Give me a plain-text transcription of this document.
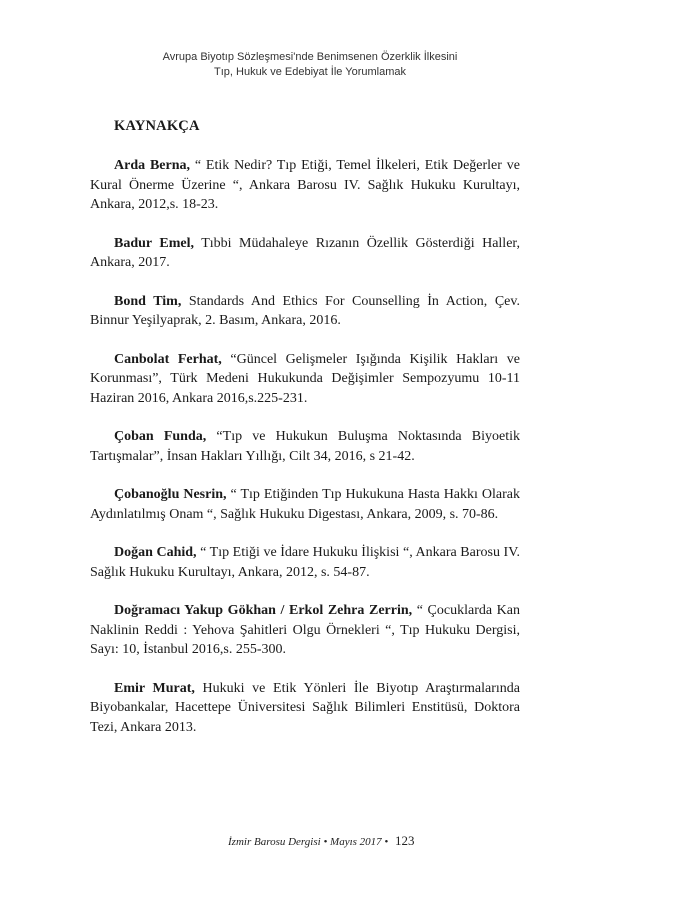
Avrupa Biyotıp Sözleşmesi'nde Benimsenen Özerklik İlkesini
Tıp, Hukuk ve Edebiyat İle Yorumlamak
KAYNAKÇA

Arda Berna, “ Etik Nedir? Tıp Etiği, Temel İlkeleri, Etik Değerler ve Kural Önerme Üzerine “, Ankara Barosu IV. Sağlık Hukuku Kurultayı, Ankara, 2012,s. 18-23.

Badur Emel, Tıbbi Müdahaleye Rızanın Özellik Gösterdiği Haller, Ankara, 2017.

Bond Tim, Standards And Ethics For Counselling İn Action, Çev. Binnur Yeşilyaprak, 2. Basım, Ankara, 2016.

Canbolat Ferhat, “Güncel Gelişmeler Işığında Kişilik Hakları ve Korunması”, Türk Medeni Hukukunda Değişimler Sempozyumu 10-11 Haziran 2016, Ankara 2016,s.225-231.

Çoban Funda, “Tıp ve Hukukun Buluşma Noktasında Biyoetik Tartışmalar”, İnsan Hakları Yıllığı, Cilt 34, 2016, s 21-42.

Çobanoğlu Nesrin, “ Tıp Etiğinden Tıp Hukukuna Hasta Hakkı Olarak Aydınlatılmış Onam “, Sağlık Hukuku Digestası, Ankara, 2009, s. 70-86.

Doğan Cahid, “ Tıp Etiği ve İdare Hukuku İlişkisi “, Ankara Barosu IV. Sağlık Hukuku Kurultayı, Ankara, 2012, s. 54-87.

Doğramacı Yakup Gökhan / Erkol Zehra Zerrin, “ Çocuklarda Kan Naklinin Reddi : Yehova Şahitleri Olgu Örnekleri “, Tıp Hukuku Dergisi, Sayı: 10, İstanbul 2016,s. 255-300.

Emir Murat, Hukuki ve Etik Yönleri İle Biyotıp Araştırmalarında Biyobankalar, Hacettepe Üniversitesi Sağlık Bilimleri Enstitüsü, Doktora Tezi, Ankara 2013.

İzmir Barosu Dergisi • Mayıs 2017 • 123
